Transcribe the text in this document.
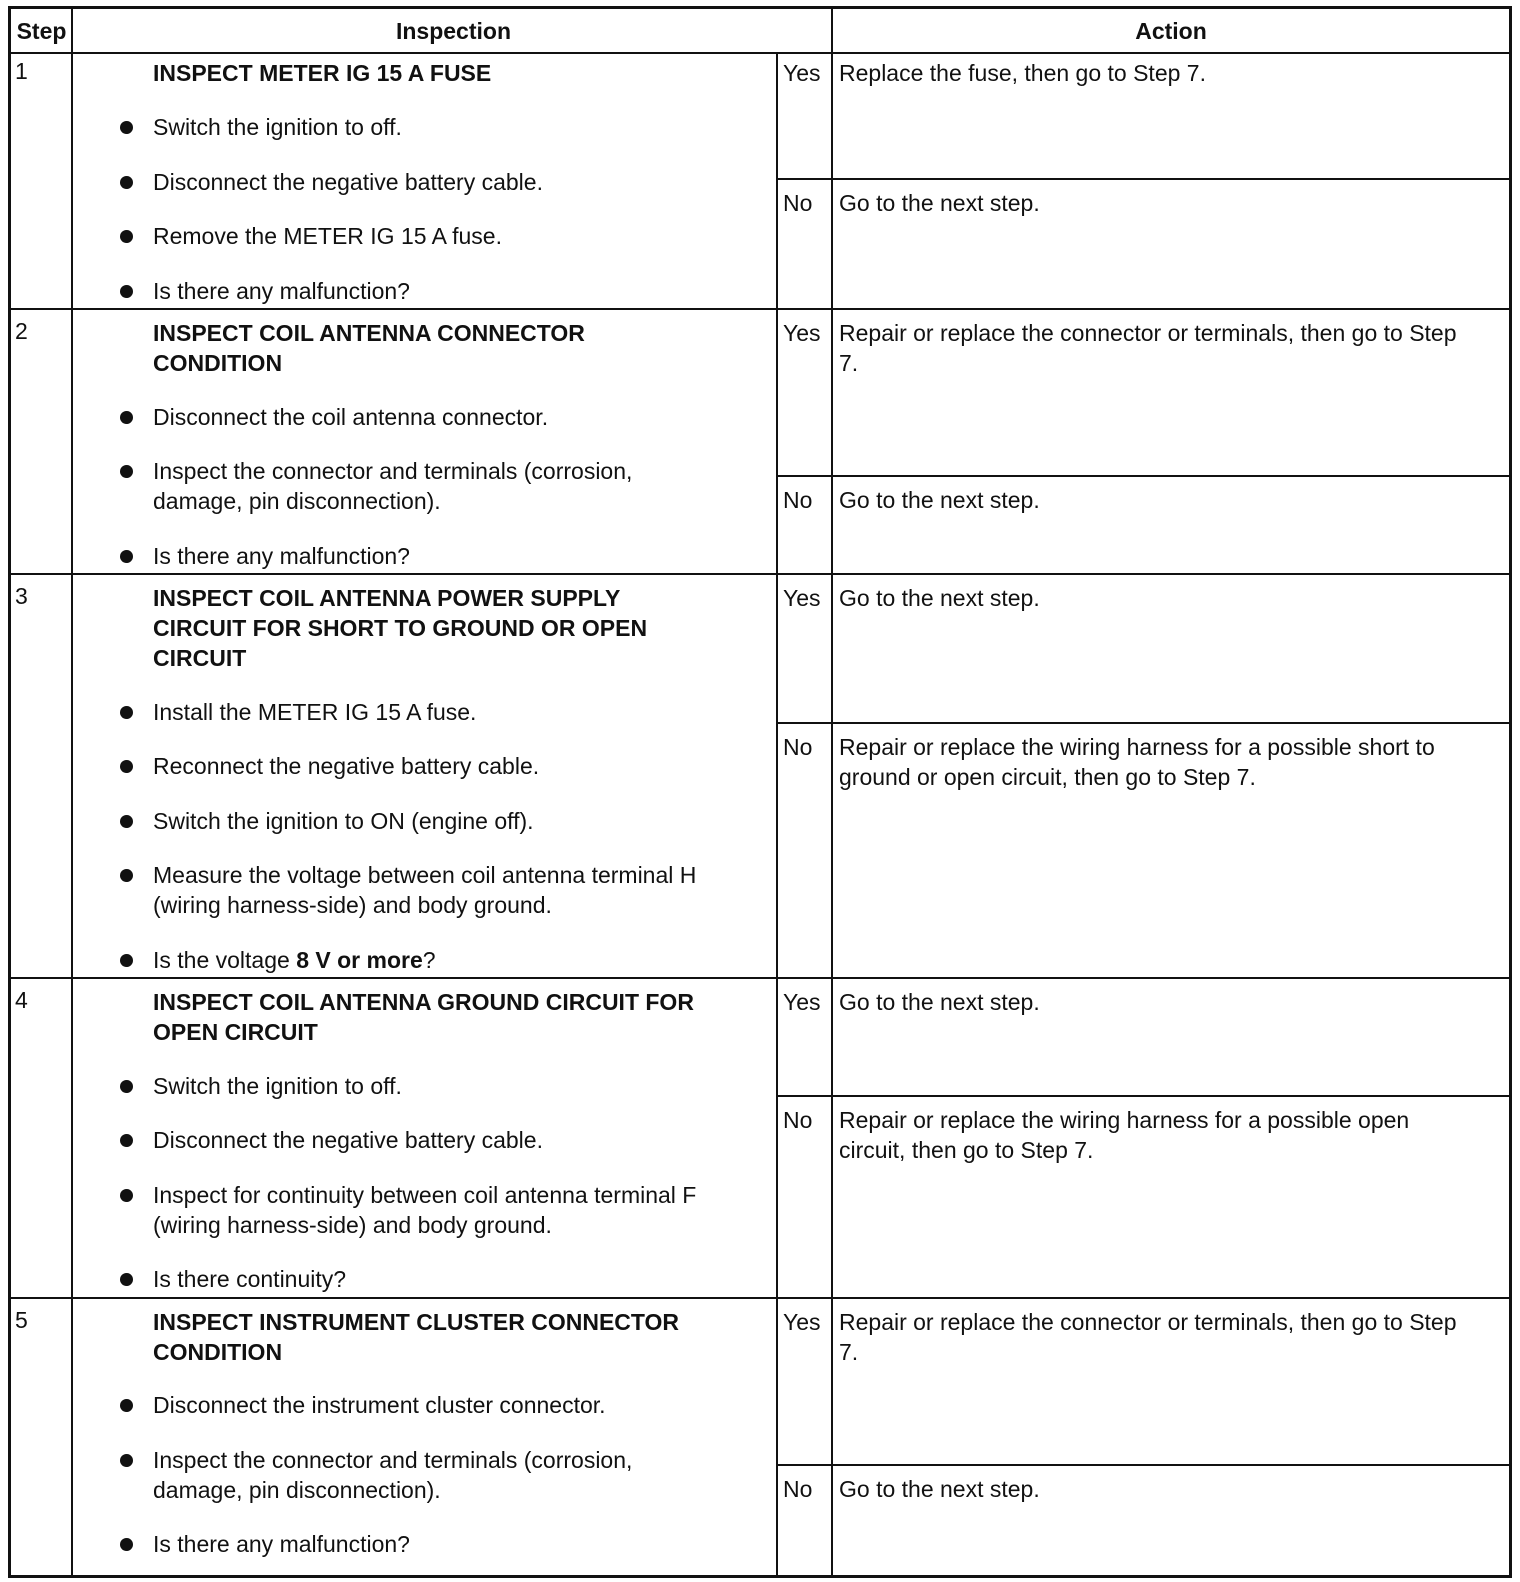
Step	Inspection	Action
1	INSPECT METER IG 15 A FUSE
Switch the ignition to off.
Disconnect the negative battery cable.
Remove the METER IG 15 A fuse.
Is there any malfunction?
Yes Replace the fuse, then go to Step 7.
No Go to the next step.
2	INSPECT COIL ANTENNA CONNECTOR CONDITION
Disconnect the coil antenna connector.
Inspect the connector and terminals (corrosion, damage, pin disconnection).
Is there any malfunction?
Yes Repair or replace the connector or terminals, then go to Step 7.
No Go to the next step.
3	INSPECT COIL ANTENNA POWER SUPPLY CIRCUIT FOR SHORT TO GROUND OR OPEN CIRCUIT
Install the METER IG 15 A fuse.
Reconnect the negative battery cable.
Switch the ignition to ON (engine off).
Measure the voltage between coil antenna terminal H (wiring harness-side) and body ground.
Is the voltage 8 V or more?
Yes Go to the next step.
No Repair or replace the wiring harness for a possible short to ground or open circuit, then go to Step 7.
4	INSPECT COIL ANTENNA GROUND CIRCUIT FOR OPEN CIRCUIT
Switch the ignition to off.
Disconnect the negative battery cable.
Inspect for continuity between coil antenna terminal F (wiring harness-side) and body ground.
Is there continuity?
Yes Go to the next step.
No Repair or replace the wiring harness for a possible open circuit, then go to Step 7.
5	INSPECT INSTRUMENT CLUSTER CONNECTOR CONDITION
Disconnect the instrument cluster connector.
Inspect the connector and terminals (corrosion, damage, pin disconnection).
Is there any malfunction?
Yes Repair or replace the connector or terminals, then go to Step 7.
No Go to the next step.
